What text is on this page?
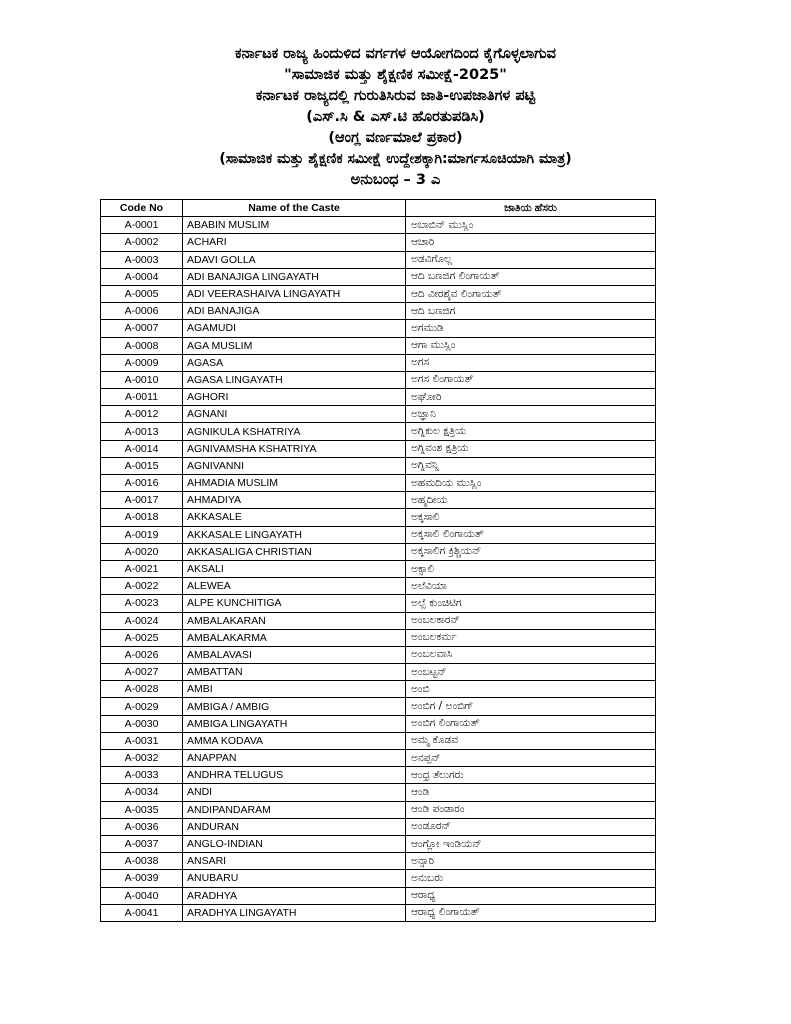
ಕರ್ನಾಟಕ ರಾಜ್ಯ ಹಿಂದುಳಿದ ವರ್ಗಗಳ ಆಯೋಗದಿಂದ ಕೈಗೊಳ್ಳಲಾಗುವ
"ಸಾಮಾಜಿಕ ಮತ್ತು ಶೈಕ್ಷಣಿಕ ಸಮೀಕ್ಷೆ-2025"
ಕರ್ನಾಟಕ ರಾಜ್ಯದಲ್ಲಿ ಗುರುತಿಸಿರುವ ಜಾತಿ-ಉಪಜಾತಿಗಳ ಪಟ್ಟಿ
(ಎಸ್.ಸಿ & ಎಸ್.ಟಿ ಹೊರತುಪಡಿಸಿ)
(ಆಂಗ್ಲ ವರ್ಣಮಾಲೆ ಪ್ರಕಾರ)
(ಸಾಮಾಜಿಕ ಮತ್ತು ಶೈಕ್ಷಣಿಕ ಸಮೀಕ್ಷೆ ಉದ್ದೇಶಕ್ಕಾಗಿ:ಮಾರ್ಗಸೂಚಿಯಾಗಿ ಮಾತ್ರ)
ಅನುಬಂಧ – 3 ಎ
Code No	Name of the Caste	ಜಾತಿಯ ಹೆಸರು
A-0001	ABABIN MUSLIM	ಅಬಾಬಿನ್ ಮುಸ್ಲಿಂ
A-0002	ACHARI	ಆಚಾರಿ
A-0003	ADAVI GOLLA	ಅಡವಿಗೊಲ್ಲ
A-0004	ADI BANAJIGA LINGAYATH	ಆದಿ ಬಣಜಿಗ ಲಿಂಗಾಯತ್
A-0005	ADI VEERASHAIVA LINGAYATH	ಆದಿ ವೀರಶೈವ ಲಿಂಗಾಯತ್
A-0006	ADI BANAJIGA	ಆದಿ ಬಣಜಿಗ
A-0007	AGAMUDI	ಅಗಮುಡಿ
A-0008	AGA MUSLIM	ಆಗಾ ಮುಸ್ಲಿಂ
A-0009	AGASA	ಅಗಸ
A-0010	AGASA LINGAYATH	ಅಗಸ ಲಿಂಗಾಯತ್
A-0011	AGHORI	ಅಘೋರಿ
A-0012	AGNANI	ಅಜ್ಞಾನಿ
A-0013	AGNIKULA KSHATRIYA	ಅಗ್ನಿಕುಲ ಕ್ಷತ್ರಿಯ
A-0014	AGNIVAMSHA KSHATRIYA	ಅಗ್ನಿವಂಶ ಕ್ಷತ್ರಿಯ
A-0015	AGNIVANNI	ಅಗ್ನಿವನ್ನಿ
A-0016	AHMADIA MUSLIM	ಅಹಮದಿಯ ಮುಸ್ಲಿಂ
A-0017	AHMADIYA	ಅಹ್ಮದೀಯ
A-0018	AKKASALE	ಅಕ್ಕಸಾಲಿ
A-0019	AKKASALE LINGAYATH	ಅಕ್ಕಸಾಲಿ ಲಿಂಗಾಯತ್
A-0020	AKKASALIGA CHRISTIAN	ಅಕ್ಕಸಾಲಿಗ ಕ್ರಿಶ್ಚಿಯನ್
A-0021	AKSALI	ಅಕ್ಸಾಲಿ
A-0022	ALEWEA	ಅಲೆವಿಯಾ
A-0023	ALPE KUNCHITIGA	ಅಲ್ಪೆ ಕುಂಚಿಟಿಗ
A-0024	AMBALAKARAN	ಅಂಬಲಕಾರನ್
A-0025	AMBALAKARMA	ಅಂಬಲಕರ್ಮ
A-0026	AMBALAVASI	ಅಂಬಲವಾಸಿ
A-0027	AMBATTAN	ಅಂಬಟ್ಟನ್
A-0028	AMBI	ಅಂಬಿ
A-0029	AMBIGA / AMBIG	ಅಂಬಿಗ / ಅಂಬಿಗ್
A-0030	AMBIGA LINGAYATH	ಅಂಬಿಗ ಲಿಂಗಾಯತ್
A-0031	AMMA KODAVA	ಅಮ್ಮ ಕೊಡವ
A-0032	ANAPPAN	ಅನಪ್ಪನ್
A-0033	ANDHRA TELUGUS	ಆಂಧ್ರ ತೆಲುಗರು
A-0034	ANDI	ಆಂಡಿ
A-0035	ANDIPANDARAM	ಆಂಡಿ ಪಂಡಾರಂ
A-0036	ANDURAN	ಅಂಡೂರನ್
A-0037	ANGLO-INDIAN	ಆಂಗ್ಲೋ ಇಂಡಿಯನ್
A-0038	ANSARI	ಅನ್ಸಾರಿ
A-0039	ANUBARU	ಅನುಬರು
A-0040	ARADHYA	ಆರಾಧ್ಯ
A-0041	ARADHYA LINGAYATH	ಆರಾಧ್ಯ ಲಿಂಗಾಯತ್
